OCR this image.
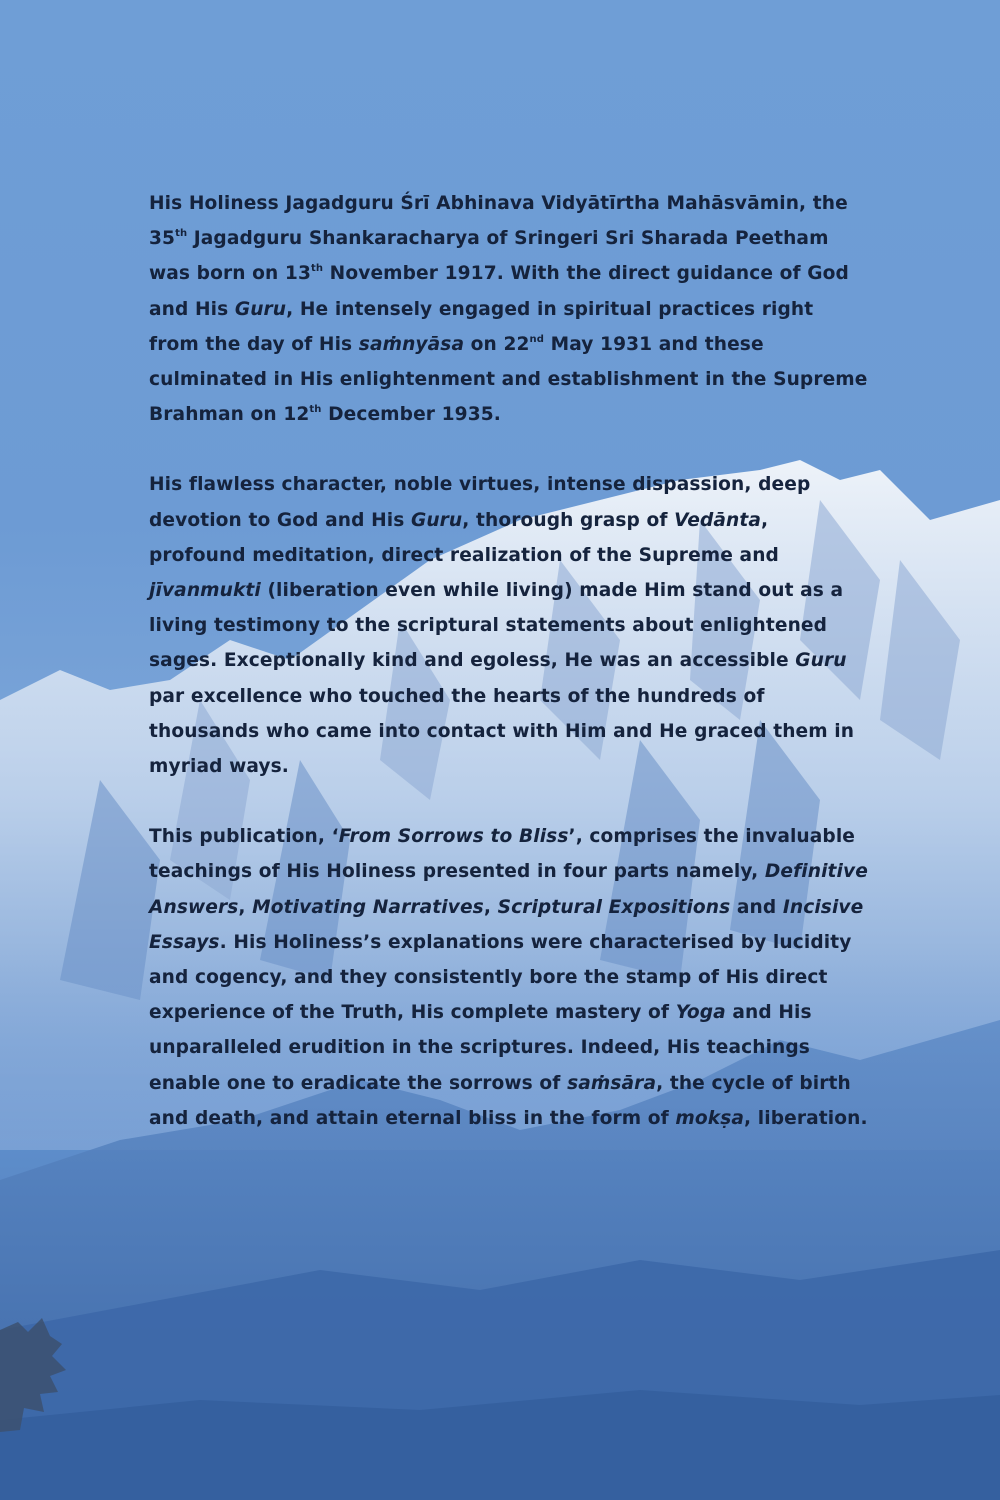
His Holiness Jagadguru Śrī Abhinava Vidyātīrtha Mahāsvāmin, the
35th Jagadguru Shankaracharya of Sringeri Sri Sharada Peetham was born on 13th November 1917. With the direct guidance of God and His Guru, He intensely engaged in spiritual practices right from the day of His saṁnyāsa on 22nd May 1931 and these culminated in His enlightenment and establishment in the Supreme Brahman on 12th December 1935.

His flawless character, noble virtues, intense dispassion, deep devotion to God and His Guru, thorough grasp of Vedānta, profound meditation, direct realization of the Supreme and jīvanmukti (liberation even while living) made Him stand out as a living testimony to the scriptural statements about enlightened sages. Exceptionally kind and egoless, He was an accessible Guru par excellence who touched the hearts of the hundreds of thousands who came into contact with Him and He graced them in myriad ways.

This publication, ‘From Sorrows to Bliss’, comprises the invaluable teachings of His Holiness presented in four parts namely, Definitive Answers, Motivating Narratives, Scriptural Expositions and Incisive Essays. His Holiness’s explanations were characterised by lucidity and cogency, and they consistently bore the stamp of His direct experience of the Truth, His complete mastery of Yoga and His unparalleled erudition in the scriptures. Indeed, His teachings enable one to eradicate the sorrows of saṁsāra, the cycle of birth and death, and attain eternal bliss in the form of mokṣa, liberation.
